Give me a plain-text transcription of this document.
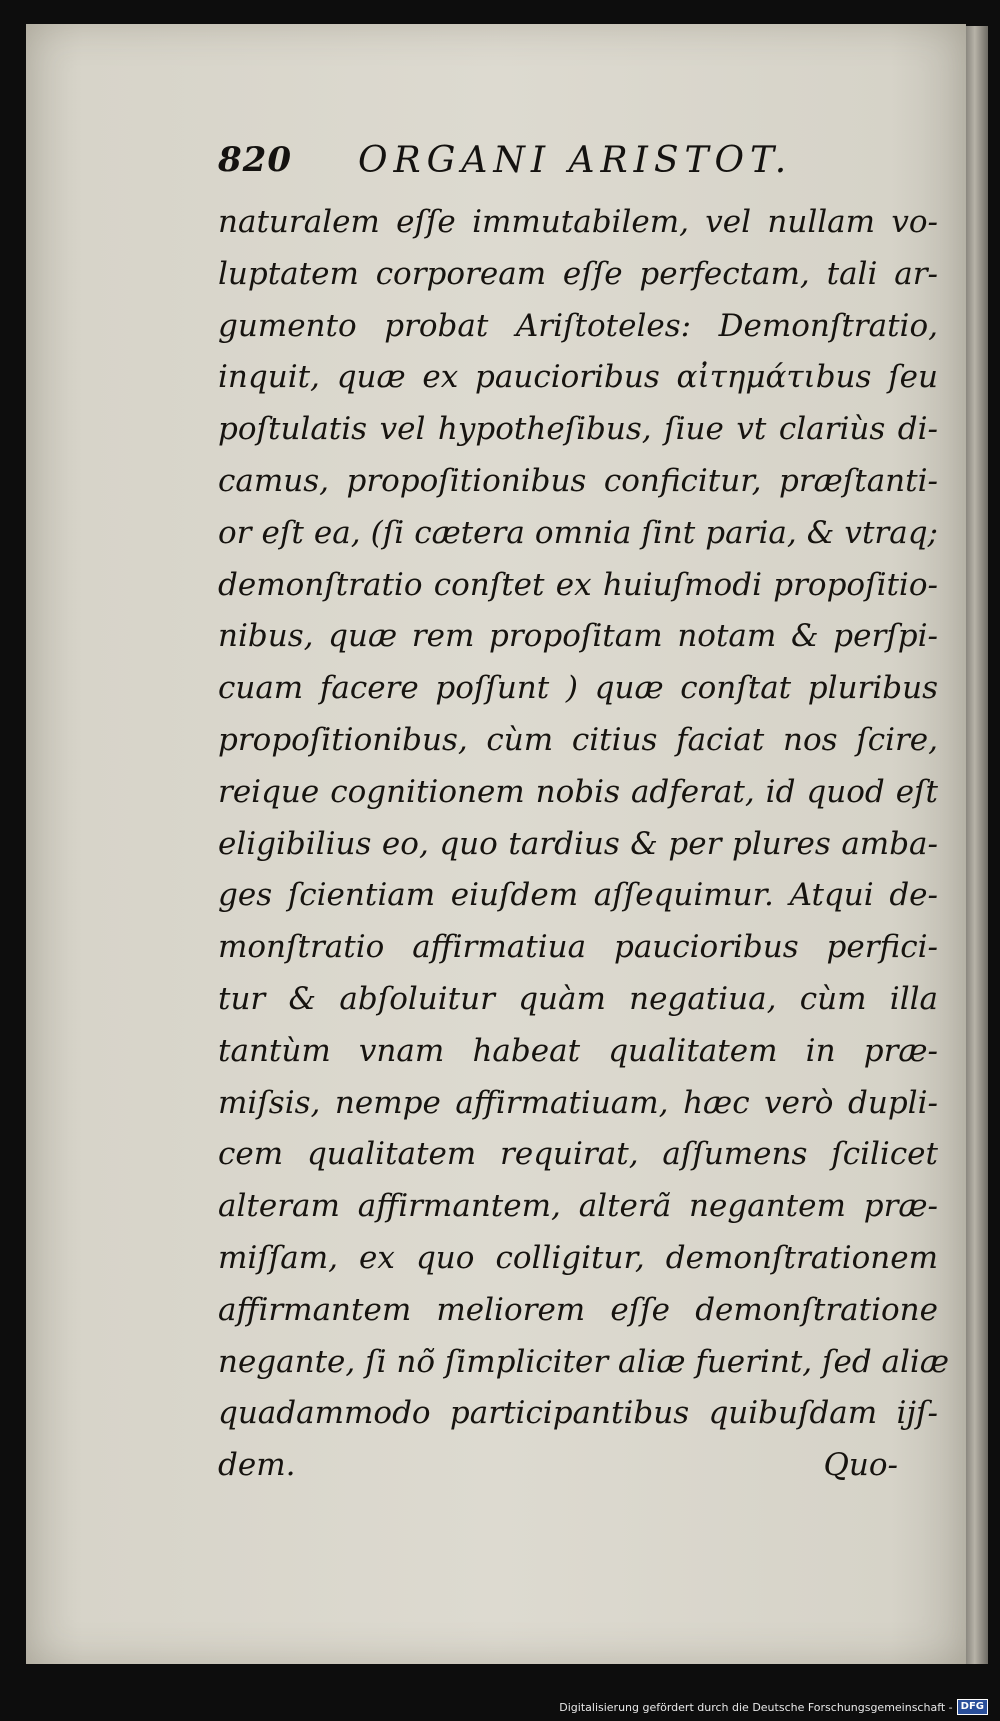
820 ORGANI ARISTOT.
naturalem eſſe immutabilem, vel nullam vo-
luptatem corpoream eſſe perfectam, tali ar-
gumento probat Ariſtoteles: Demonſtratio,
inquit, quæ ex paucioribus αἰτημάτιbus ſeu
poſtulatis vel hypotheſibus, ſiue vt clariùs di-
camus, propoſitionibus conficitur, præſtanti-
or eſt ea, (ſi cætera omnia ſint paria, & vtraq;
demonſtratio conſtet ex huiuſmodi propoſitio-
nibus, quæ rem propoſitam notam & perſpi-
cuam facere poſſunt ) quæ conſtat pluribus
propoſitionibus, cùm citius faciat nos ſcire,
reique cognitionem nobis adferat, id quod eſt
eligibilius eo, quo tardius & per plures amba-
ges ſcientiam eiuſdem aſſequimur. Atqui de-
monſtratio affirmatiua paucioribus perfici-
tur & abſoluitur quàm negatiua, cùm illa
tantùm vnam habeat qualitatem in præ-
miſsis, nempe affirmatiuam, hæc verò dupli-
cem qualitatem requirat, aſſumens ſcilicet
alteram affirmantem, alterã negantem præ-
miſſam, ex quo colligitur, demonſtrationem
affirmantem meliorem eſſe demonſtratione
negante, ſi nõ ſimpliciter aliæ fuerint, ſed aliæ
quadammodo participantibus quibuſdam ijſ-
dem.	Quo-
Digitalisierung gefördert durch die Deutsche Forschungsgemeinschaft - DFG
